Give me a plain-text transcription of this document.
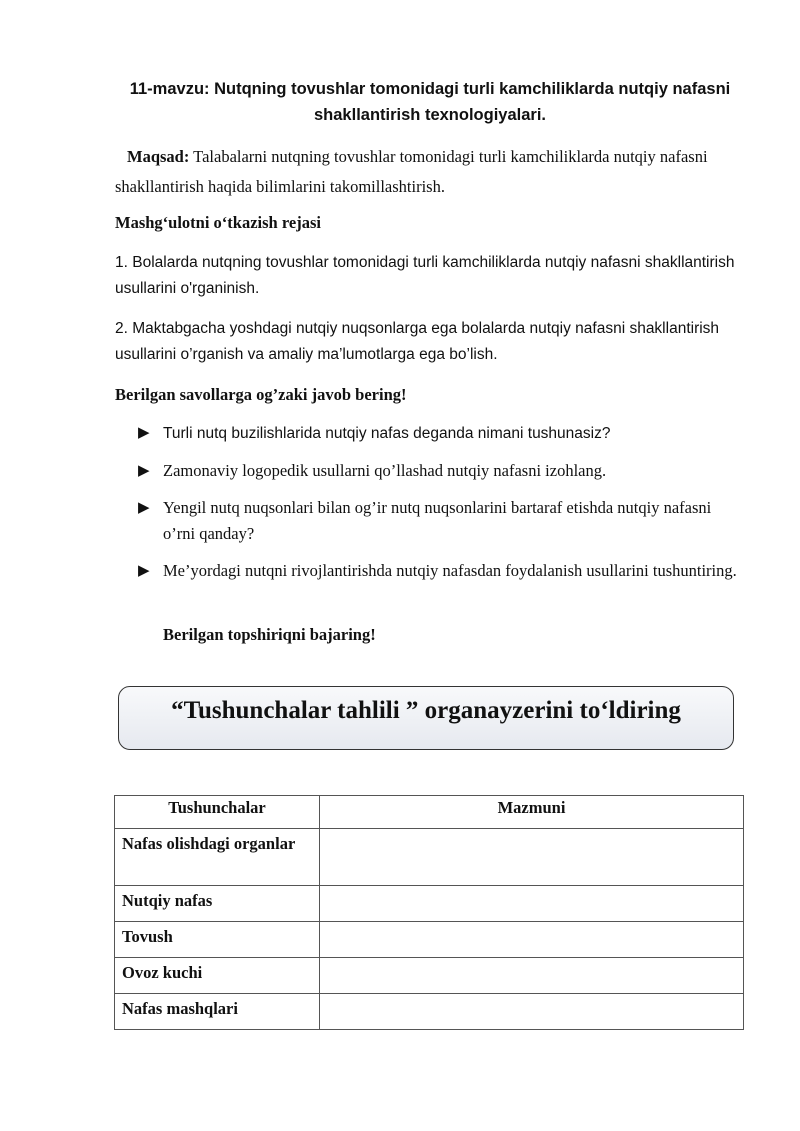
11-mavzu: Nutqning tovushlar tomonidagi turli kamchiliklarda nutqiy nafasni shakllantirish texnologiyalari.
Maqsad: Talabalarni nutqning tovushlar tomonidagi turli kamchiliklarda nutqiy nafasni shakllantirish haqida bilimlarini takomillashtirish.
Mashg‘ulotni o‘tkazish rejasi
1. Bolalarda nutqning tovushlar tomonidagi turli kamchiliklarda nutqiy nafasni shakllantirish usullarini o'rganinish.
2. Maktabgacha yoshdagi nutqiy nuqsonlarga ega bolalarda nutqiy nafasni shakllantirish usullarini o’rganish va amaliy ma’lumotlarga ega bo’lish.
Berilgan savollarga og’zaki javob bering!
▶ Turli nutq buzilishlarida nutqiy nafas deganda nimani tushunasiz?
▶ Zamonaviy logopedik usullarni qo’llashad nutqiy nafasni izohlang.
▶ Yengil nutq nuqsonlari bilan og’ir nutq nuqsonlarini bartaraf etishda nutqiy nafasni o’rni qanday?
▶ Me’yordagi nutqni rivojlantirishda nutqiy nafasdan foydalanish usullarini tushuntiring.
Berilgan topshiriqni bajaring!
“Tushunchalar tahlili ” organayzerini to‘ldiring
Tushunchalar	Mazmuni
Nafas olishdagi organlar	
Nutqiy nafas	
Tovush	
Ovoz kuchi	
Nafas mashqlari	
